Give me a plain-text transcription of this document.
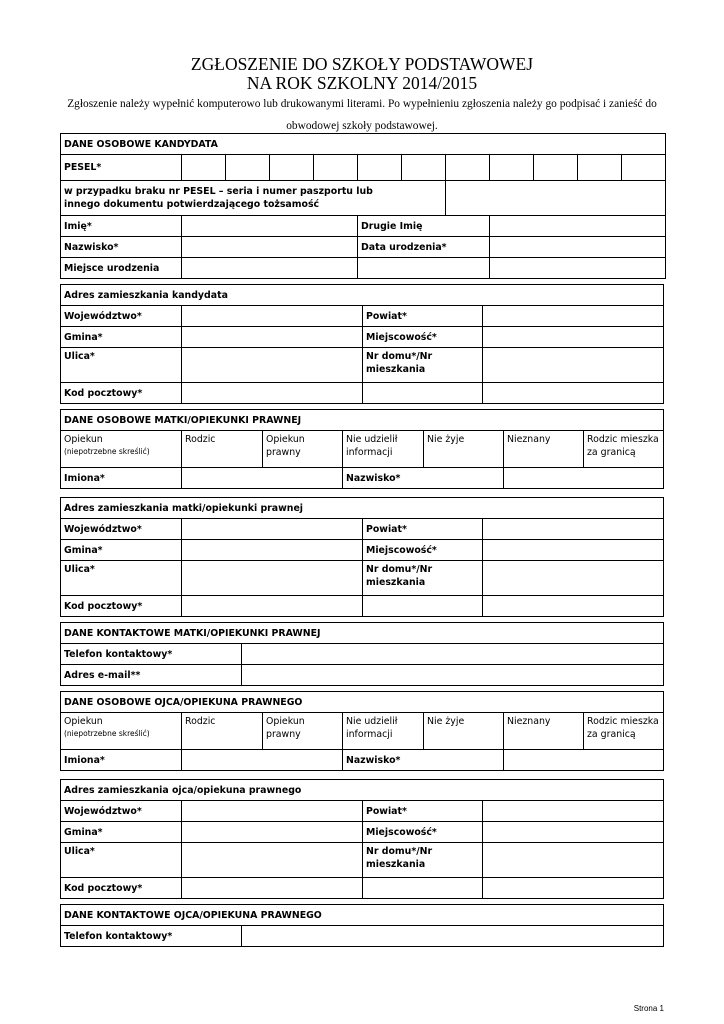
ZGŁOSZENIE DO SZKOŁY PODSTAWOWEJ
NA ROK SZKOLNY 2014/2015
Zgłoszenie należy wypełnić komputerowo lub drukowanymi literami. Po wypełnieniu zgłoszenia należy go podpisać i zanieść do
obwodowej szkoły podstawowej.
DANE OSOBOWE KANDYDATA											
PESEL*											

w przypadku braku nr PESEL – seria i numer paszportu lub
innego dokumentu potwierdzającego tożsamość											

Imię*					Drugie Imię						
Nazwisko*					Data urodzenia*						
Miejsce urodzenia											
Adres zamieszkania kandydata			
Województwo*		Powiat*	
Gmina*		Miejscowość*	
Ulica*		Nr domu*/Nr
mieszkania	

Kod pocztowy*			
DANE OSOBOWE MATKI/OPIEKUNKI PRAWNEJ						

Opiekun
(niepotrzebne skreślić)	Rodzic	Opiekun prawny	Nie udzielił
informacji	Nie żyje	Nieznany	Rodzic mieszka
za granicą

Imiona*			Nazwisko*			
Adres zamieszkania matki/opiekunki prawnej			
Województwo*		Powiat*	
Gmina*		Miejscowość*	
Ulica*		Nr domu*/Nr
mieszkania	

Kod pocztowy*			
DANE KONTAKTOWE MATKI/OPIEKUNKI PRAWNEJ	
Telefon kontaktowy*	
Adres e-mail**	
DANE OSOBOWE OJCA/OPIEKUNA PRAWNEGO						

Opiekun
(niepotrzebne skreślić)	Rodzic	Opiekun prawny	Nie udzielił
informacji	Nie żyje	Nieznany	Rodzic mieszka
za granicą

Imiona*			Nazwisko*			
Adres zamieszkania ojca/opiekuna prawnego			
Województwo*		Powiat*	
Gmina*		Miejscowość*	
Ulica*		Nr domu*/Nr
mieszkania	

Kod pocztowy*			
DANE KONTAKTOWE OJCA/OPIEKUNA PRAWNEGO
Telefon kontaktowy*	
Strona 1
